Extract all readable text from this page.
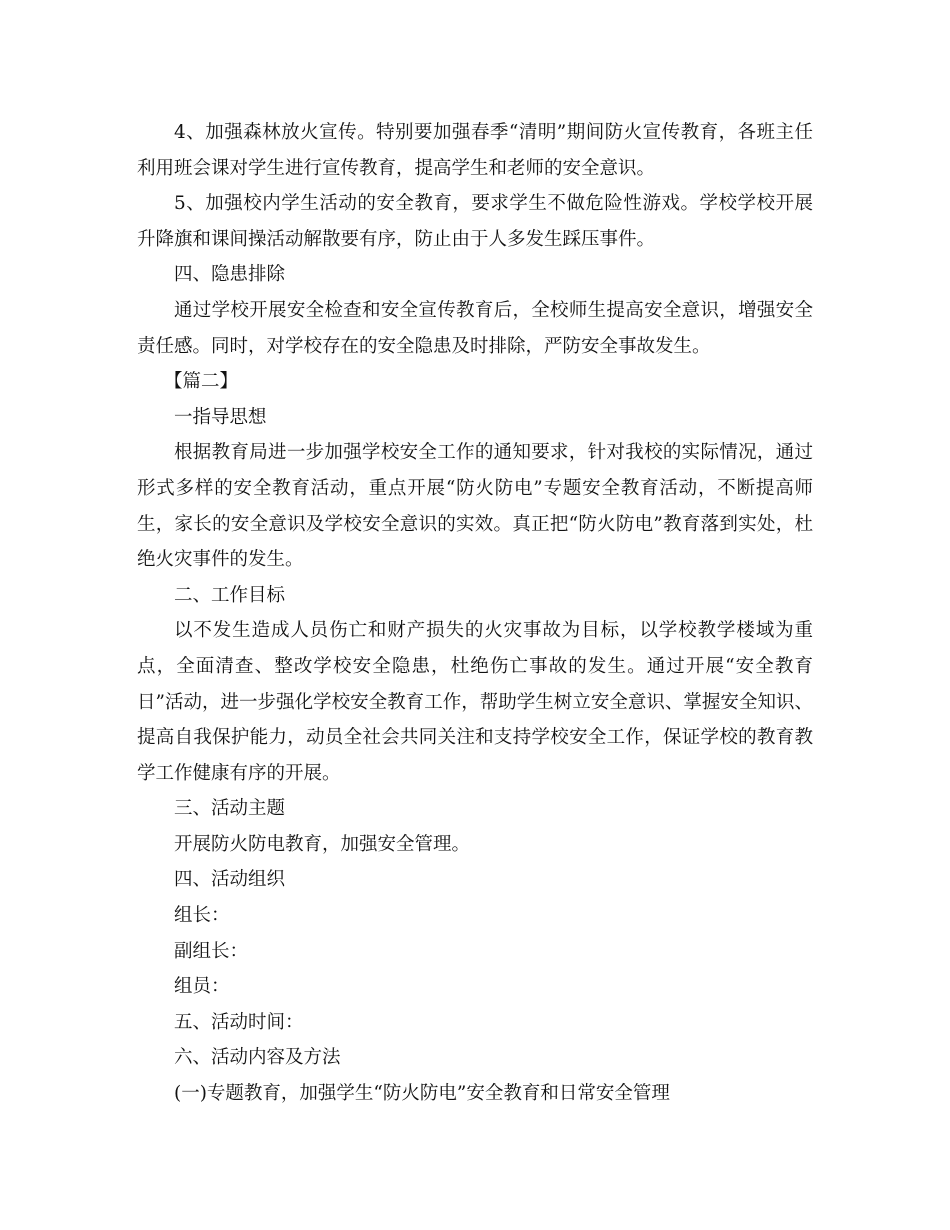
4、加强森林放火宣传。特别要加强春季“清明”期间防火宣传教育，各班主任利用班会课对学生进行宣传教育，提高学生和老师的安全意识。

5、加强校内学生活动的安全教育，要求学生不做危险性游戏。学校学校开展升降旗和课间操活动解散要有序，防止由于人多发生踩压事件。

四、隐患排除

通过学校开展安全检查和安全宣传教育后，全校师生提高安全意识，增强安全责任感。同时，对学校存在的安全隐患及时排除，严防安全事故发生。

【篇二】

一指导思想

根据教育局进一步加强学校安全工作的通知要求，针对我校的实际情况，通过形式多样的安全教育活动，重点开展“防火防电”专题安全教育活动，不断提高师生，家长的安全意识及学校安全意识的实效。真正把“防火防电”教育落到实处，杜绝火灾事件的发生。

二、工作目标

以不发生造成人员伤亡和财产损失的火灾事故为目标，以学校教学楼域为重点，全面清查、整改学校安全隐患，杜绝伤亡事故的发生。通过开展“安全教育日”活动，进一步强化学校安全教育工作，帮助学生树立安全意识、掌握安全知识、提高自我保护能力，动员全社会共同关注和支持学校安全工作，保证学校的教育教学工作健康有序的开展。

三、活动主题

开展防火防电教育，加强安全管理。

四、活动组织

组长：

副组长：

组员：

五、活动时间：

六、活动内容及方法

(一)专题教育，加强学生“防火防电”安全教育和日常安全管理
